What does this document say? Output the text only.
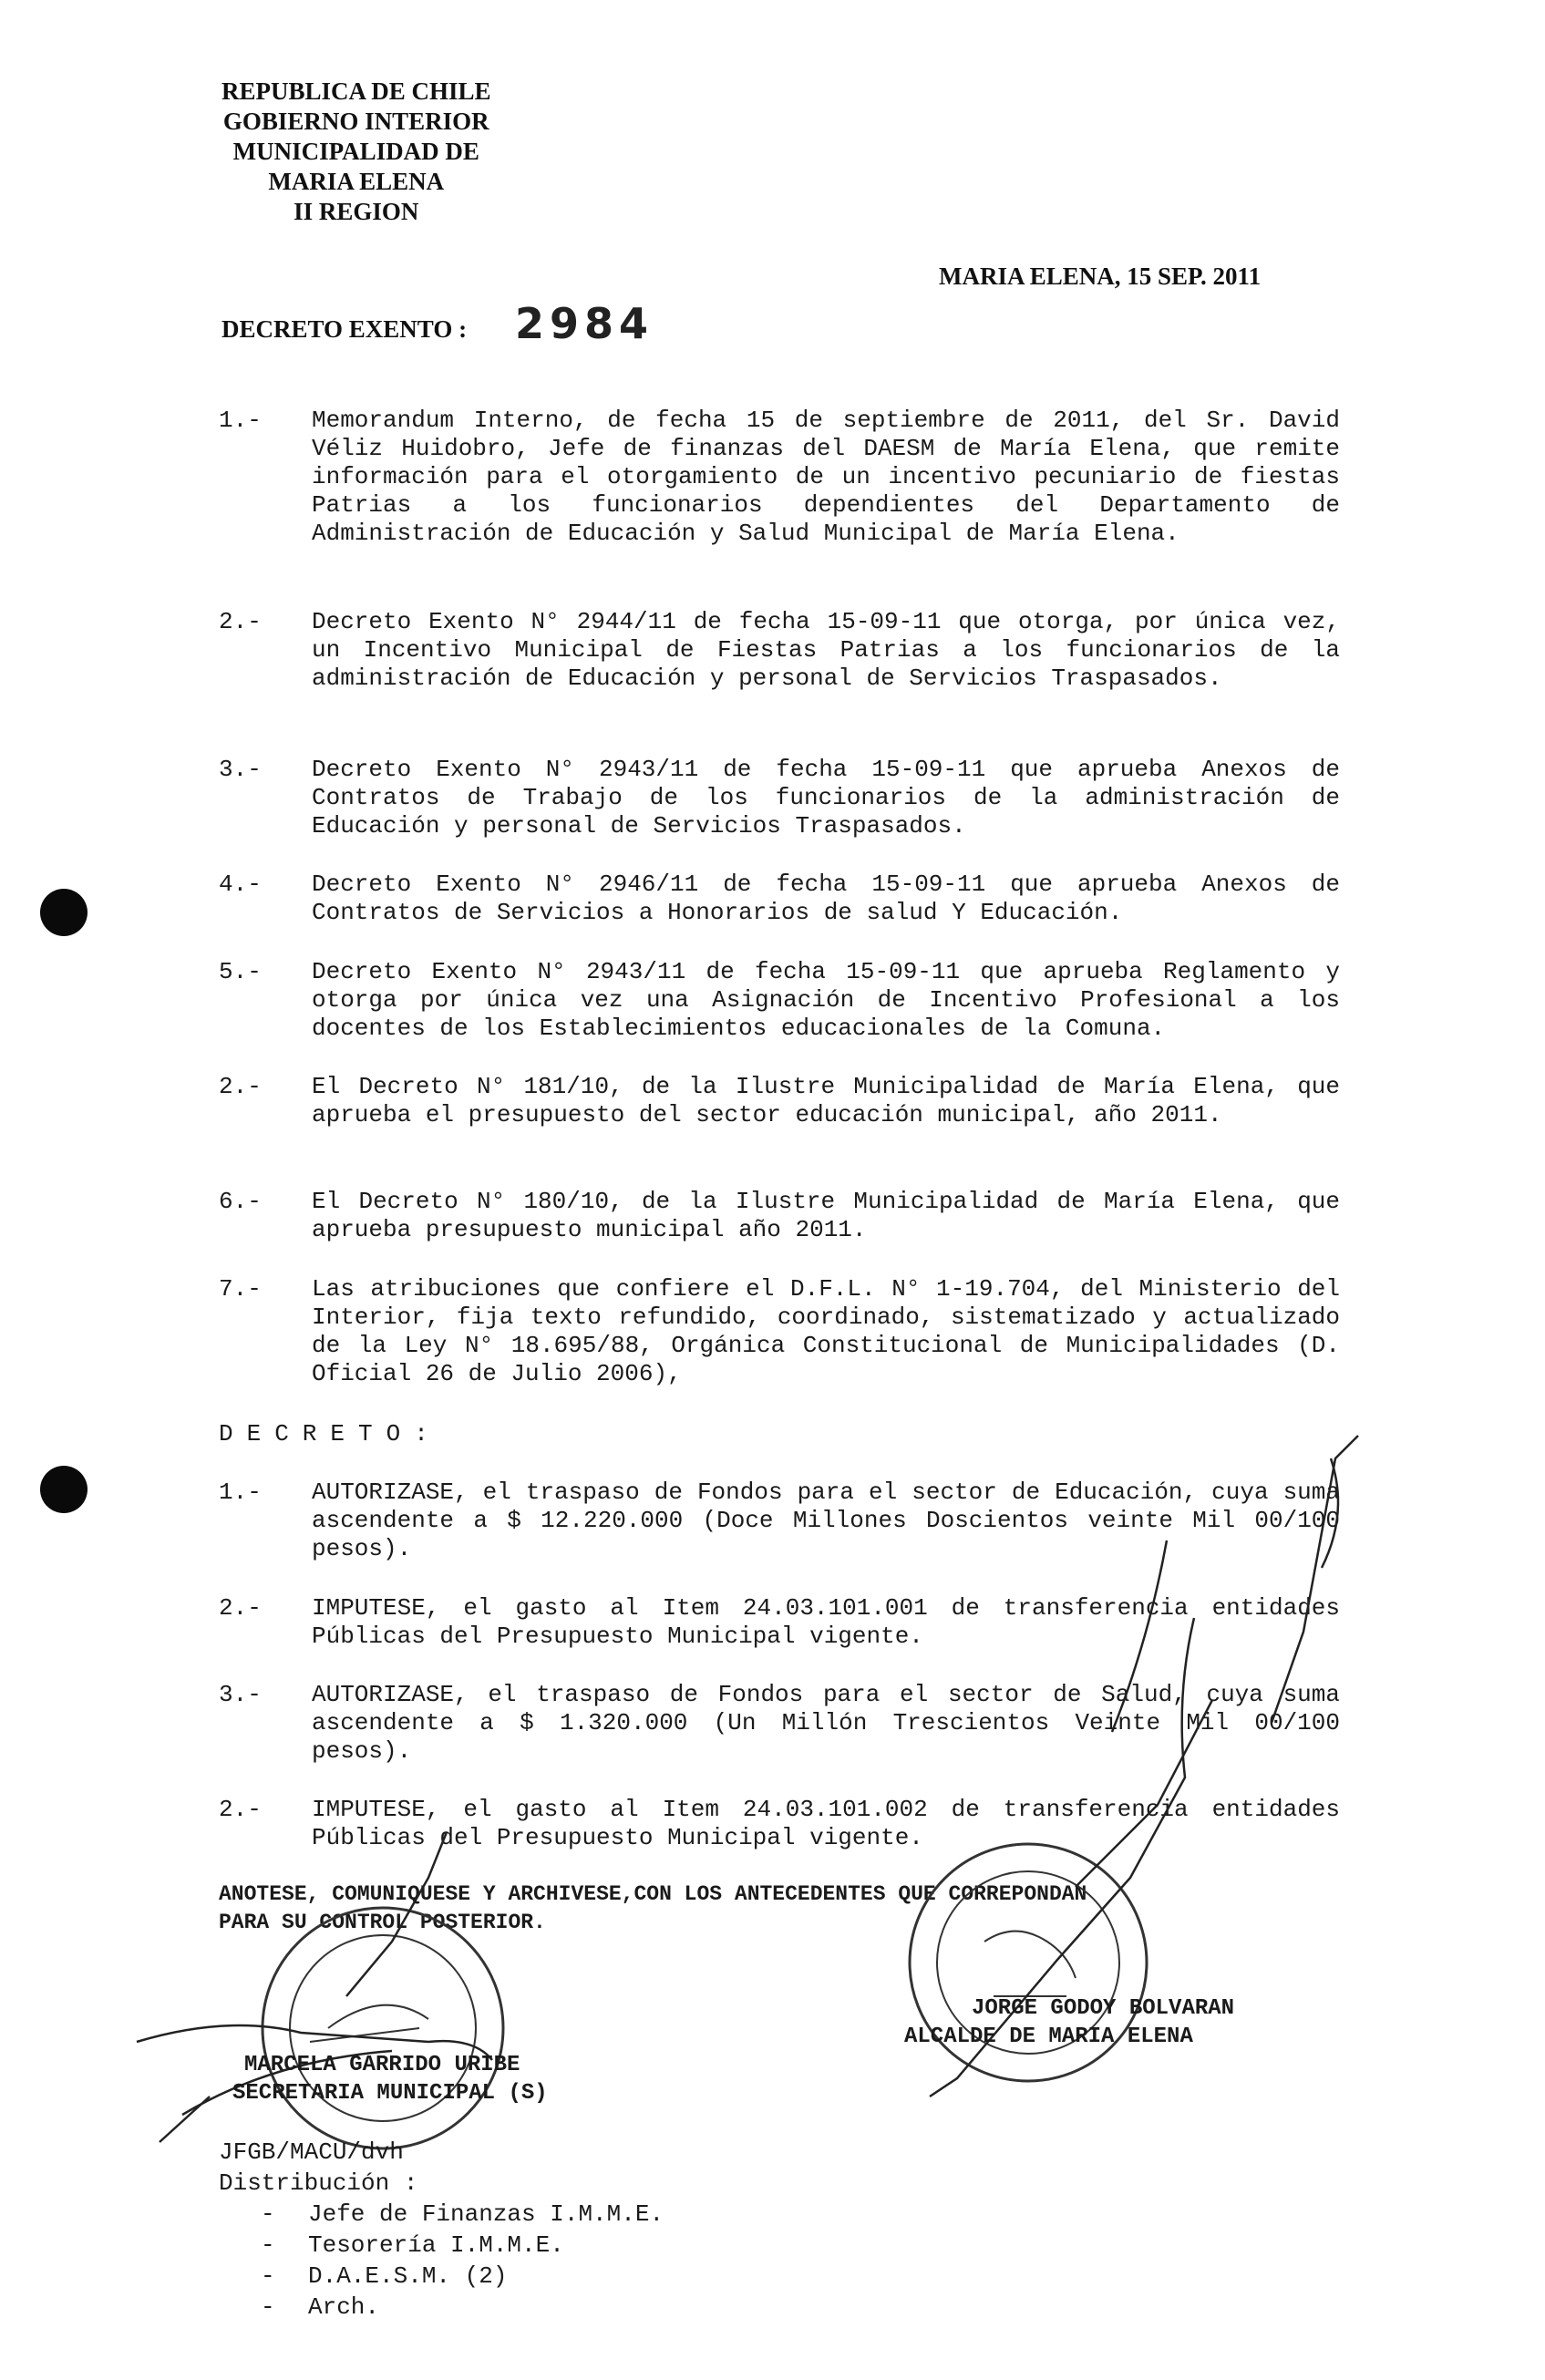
REPUBLICA DE CHILE
GOBIERNO INTERIOR
MUNICIPALIDAD DE
MARIA ELENA
II REGION
MARIA ELENA, 15 SEP. 2011
DECRETO EXENTO : 2984
1.- Memorandum Interno, de fecha 15 de septiembre de 2011, del Sr. David Véliz Huidobro, Jefe de finanzas del DAESM de María Elena, que remite información para el otorgamiento de un incentivo pecuniario de fiestas Patrias a los funcionarios dependientes del Departamento de Administración de Educación y Salud Municipal de María Elena.
2.- Decreto Exento N° 2944/11 de fecha 15-09-11 que otorga, por única vez, un Incentivo Municipal de Fiestas Patrias a los funcionarios de la administración de Educación y personal de Servicios Traspasados.
3.- Decreto Exento N° 2943/11 de fecha 15-09-11 que aprueba Anexos de Contratos de Trabajo de los funcionarios de la administración de Educación y personal de Servicios Traspasados.
4.- Decreto Exento N° 2946/11 de fecha 15-09-11 que aprueba Anexos de Contratos de Servicios a Honorarios de salud Y Educación.
5.- Decreto Exento N° 2943/11 de fecha 15-09-11 que aprueba Reglamento y otorga por única vez una Asignación de Incentivo Profesional a los docentes de los Establecimientos educacionales de la Comuna.
2.- El Decreto N° 181/10, de la Ilustre Municipalidad de María Elena, que aprueba el presupuesto del sector educación municipal, año 2011.
6.- El Decreto N° 180/10, de la Ilustre Municipalidad de María Elena, que aprueba presupuesto municipal año 2011.
7.- Las atribuciones que confiere el D.F.L. N° 1-19.704, del Ministerio del Interior, fija texto refundido, coordinado, sistematizado y actualizado de la Ley N° 18.695/88, Orgánica Constitucional de Municipalidades (D. Oficial 26 de Julio 2006),
DECRETO:
1.- AUTORIZASE, el traspaso de Fondos para el sector de Educación, cuya suma ascendente a $ 12.220.000 (Doce Millones Doscientos veinte Mil 00/100 pesos).
2.- IMPUTESE, el gasto al Item 24.03.101.001 de transferencia entidades Públicas del Presupuesto Municipal vigente.
3.- AUTORIZASE, el traspaso de Fondos para el sector de Salud, cuya suma ascendente a $ 1.320.000 (Un Millón Trescientos Veinte Mil 00/100 pesos).
2.- IMPUTESE, el gasto al Item 24.03.101.002 de transferencia entidades Públicas del Presupuesto Municipal vigente.
ANOTESE, COMUNIQUESE Y ARCHIVESE,CON LOS ANTECEDENTES QUE CORREPONDAN
PARA SU CONTROL POSTERIOR.
MARCELA GARRIDO URIBE
SECRETARIA MUNICIPAL (S)
JORGE GODOY BOLVARAN
ALCALDE DE MARIA ELENA
JFGB/MACU/dvh
Distribución :
- Jefe de Finanzas I.M.M.E.
- Tesorería I.M.M.E.
- D.A.E.S.M. (2)
- Arch.
